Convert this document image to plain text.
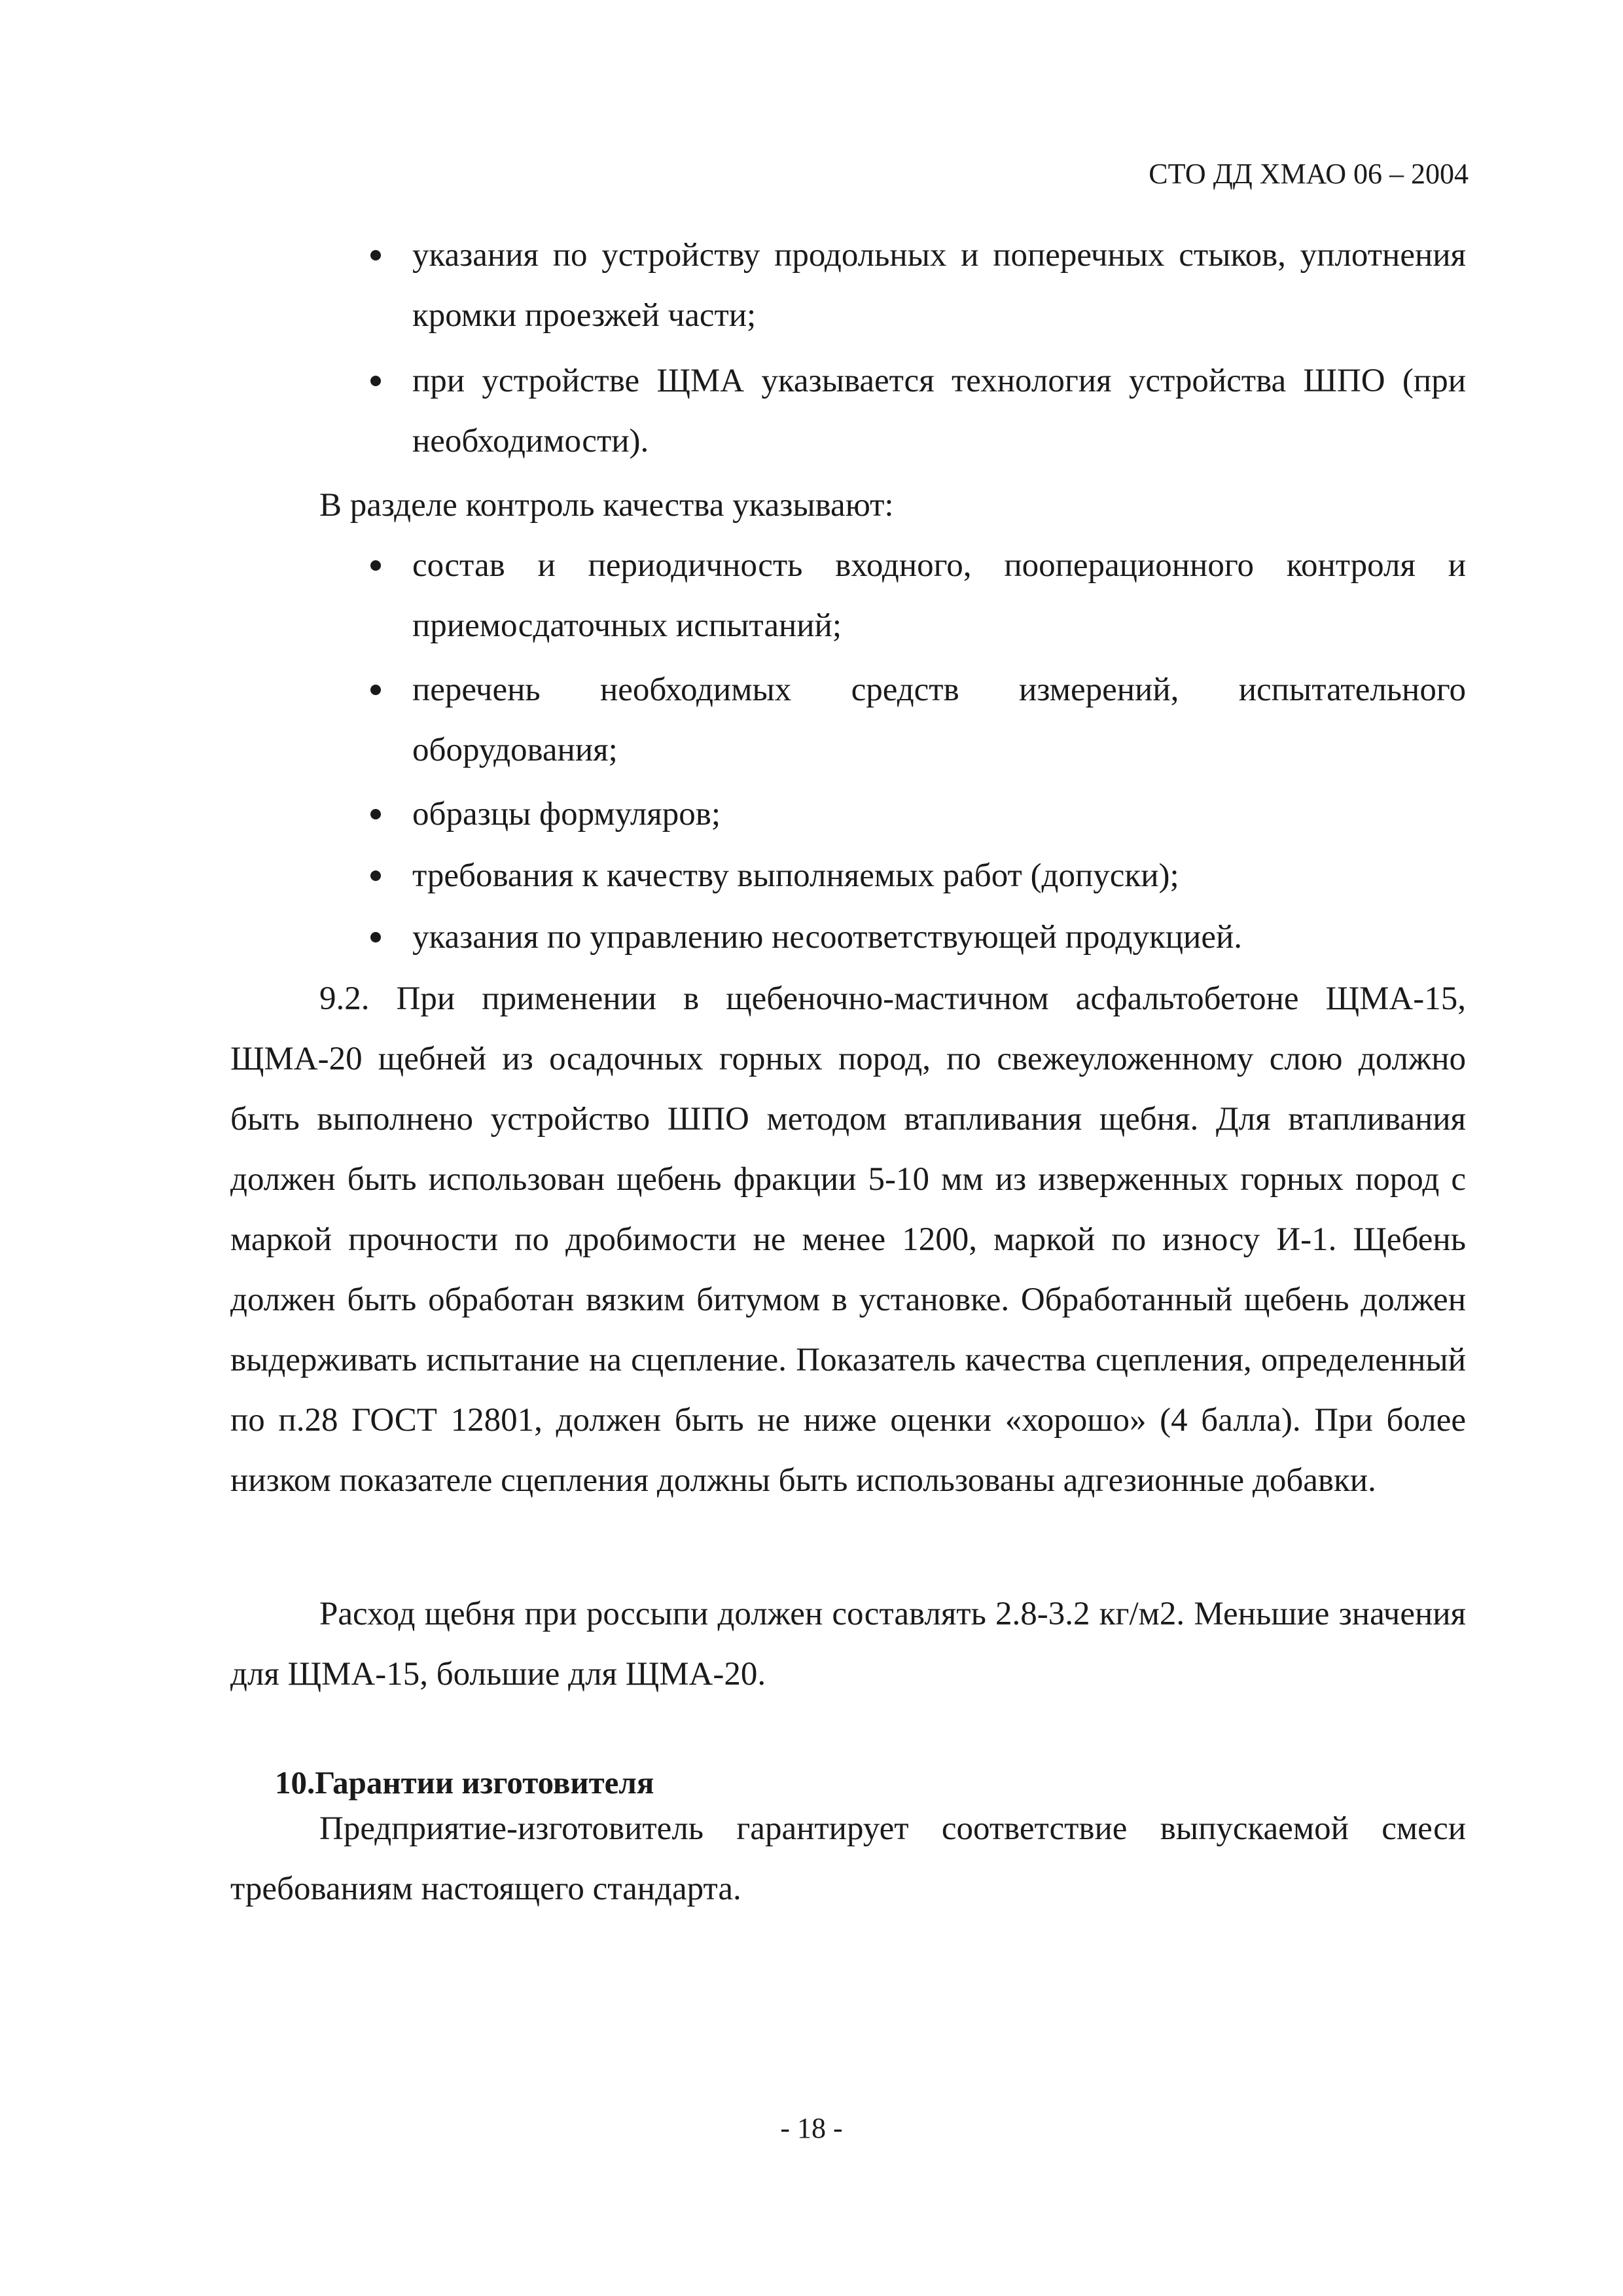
СТО ДД ХМАО 06 – 2004
указания по устройству продольных и поперечных стыков, уплотнения кромки проезжей части;
при устройстве ЩМА указывается технология устройства ШПО (при необходимости).

В разделе контроль качества указывают:

состав и периодичность входного, пооперационного контроля и приемосдаточных испытаний;
перечень необходимых средств измерений, испытательного оборудования;
образцы формуляров;
требования к качеству выполняемых работ (допуски);
указания по управлению несоответствующей продукцией.

9.2. При применении в щебеночно-мастичном асфальтобетоне ЩМА-15, ЩМА-20 щебней из осадочных горных пород, по свежеуложенному слою должно быть выполнено устройство ШПО методом втапливания щебня. Для втапливания должен быть использован щебень фракции 5-10 мм из изверженных горных пород с маркой прочности по дробимости не менее 1200, маркой по износу И-1. Щебень должен быть обработан вязким битумом в установке. Обработанный щебень должен выдерживать испытание на сцепление. Показатель качества сцепления, определенный по п.28 ГОСТ 12801, должен быть не ниже оценки «хорошо» (4 балла). При более низком показателе сцепления должны быть использованы адгезионные добавки.

Расход щебня при россыпи должен составлять 2.8-3.2 кг/м2. Меньшие значения для ЩМА-15, большие для ЩМА-20.

10.Гарантии изготовителя

Предприятие-изготовитель гарантирует соответствие выпускаемой смеси требованиям настоящего стандарта.

- 18 -
